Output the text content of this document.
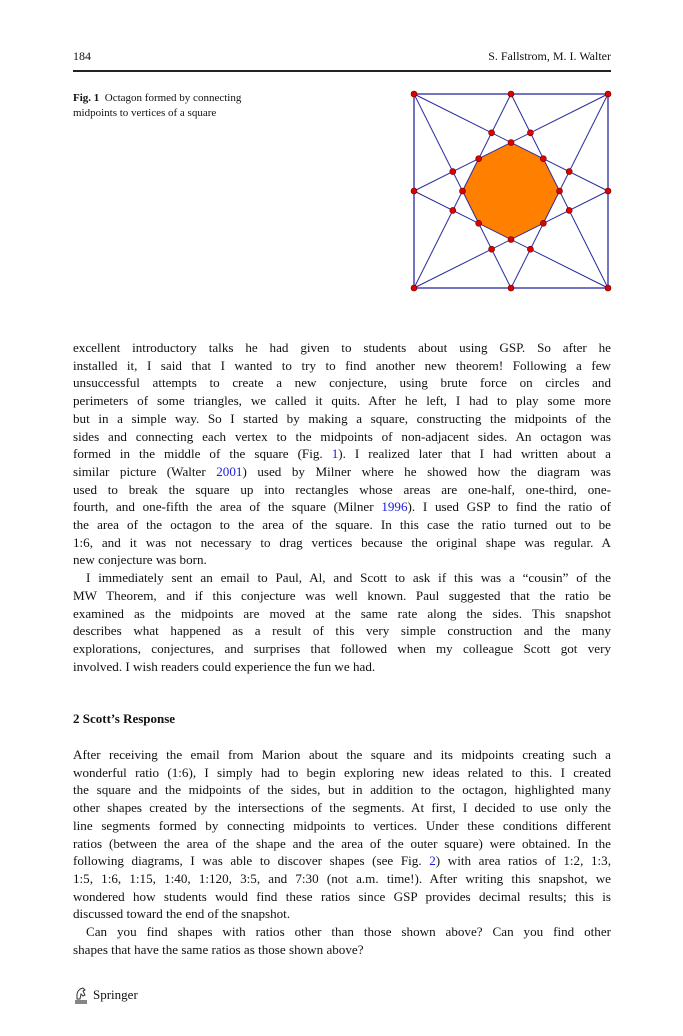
184	S. Fallstrom, M. I. Walter
Fig. 1 Octagon formed by connecting midpoints to vertices of a square
excellent introductory talks he had given to students about using GSP. So after he
installed it, I said that I wanted to try to find another new theorem! Following a few
unsuccessful attempts to create a new conjecture, using brute force on circles and
perimeters of some triangles, we called it quits. After he left, I had to play some more
but in a simple way. So I started by making a square, constructing the midpoints of the
sides and connecting each vertex to the midpoints of non-adjacent sides. An octagon was
formed in the middle of the square (Fig. 1). I realized later that I had written about a
similar picture (Walter 2001) used by Milner where he showed how the diagram was
used to break the square up into rectangles whose areas are one-half, one-third, one-
fourth, and one-fifth the area of the square (Milner 1996). I used GSP to find the ratio of
the area of the octagon to the area of the square. In this case the ratio turned out to be
1:6, and it was not necessary to drag vertices because the original shape was regular. A
new conjecture was born.
I immediately sent an email to Paul, Al, and Scott to ask if this was a “cousin” of the
MW Theorem, and if this conjecture was well known. Paul suggested that the ratio be
examined as the midpoints are moved at the same rate along the sides. This snapshot
describes what happened as a result of this very simple construction and the many
explorations, conjectures, and surprises that followed when my colleague Scott got very
involved. I wish readers could experience the fun we had.
2 Scott’s Response
After receiving the email from Marion about the square and its midpoints creating such a
wonderful ratio (1:6), I simply had to begin exploring new ideas related to this. I created
the square and the midpoints of the sides, but in addition to the octagon, highlighted many
other shapes created by the intersections of the segments. At first, I decided to use only the
line segments formed by connecting midpoints to vertices. Under these conditions different
ratios (between the area of the shape and the area of the outer square) were obtained. In the
following diagrams, I was able to discover shapes (see Fig. 2) with area ratios of 1:2, 1:3,
1:5, 1:6, 1:15, 1:40, 1:120, 3:5, and 7:30 (not a.m. time!). After writing this snapshot, we
wondered how students would find these ratios since GSP provides decimal results; this is
discussed toward the end of the snapshot.
Can you find shapes with ratios other than those shown above? Can you find other
shapes that have the same ratios as those shown above?
Springer
